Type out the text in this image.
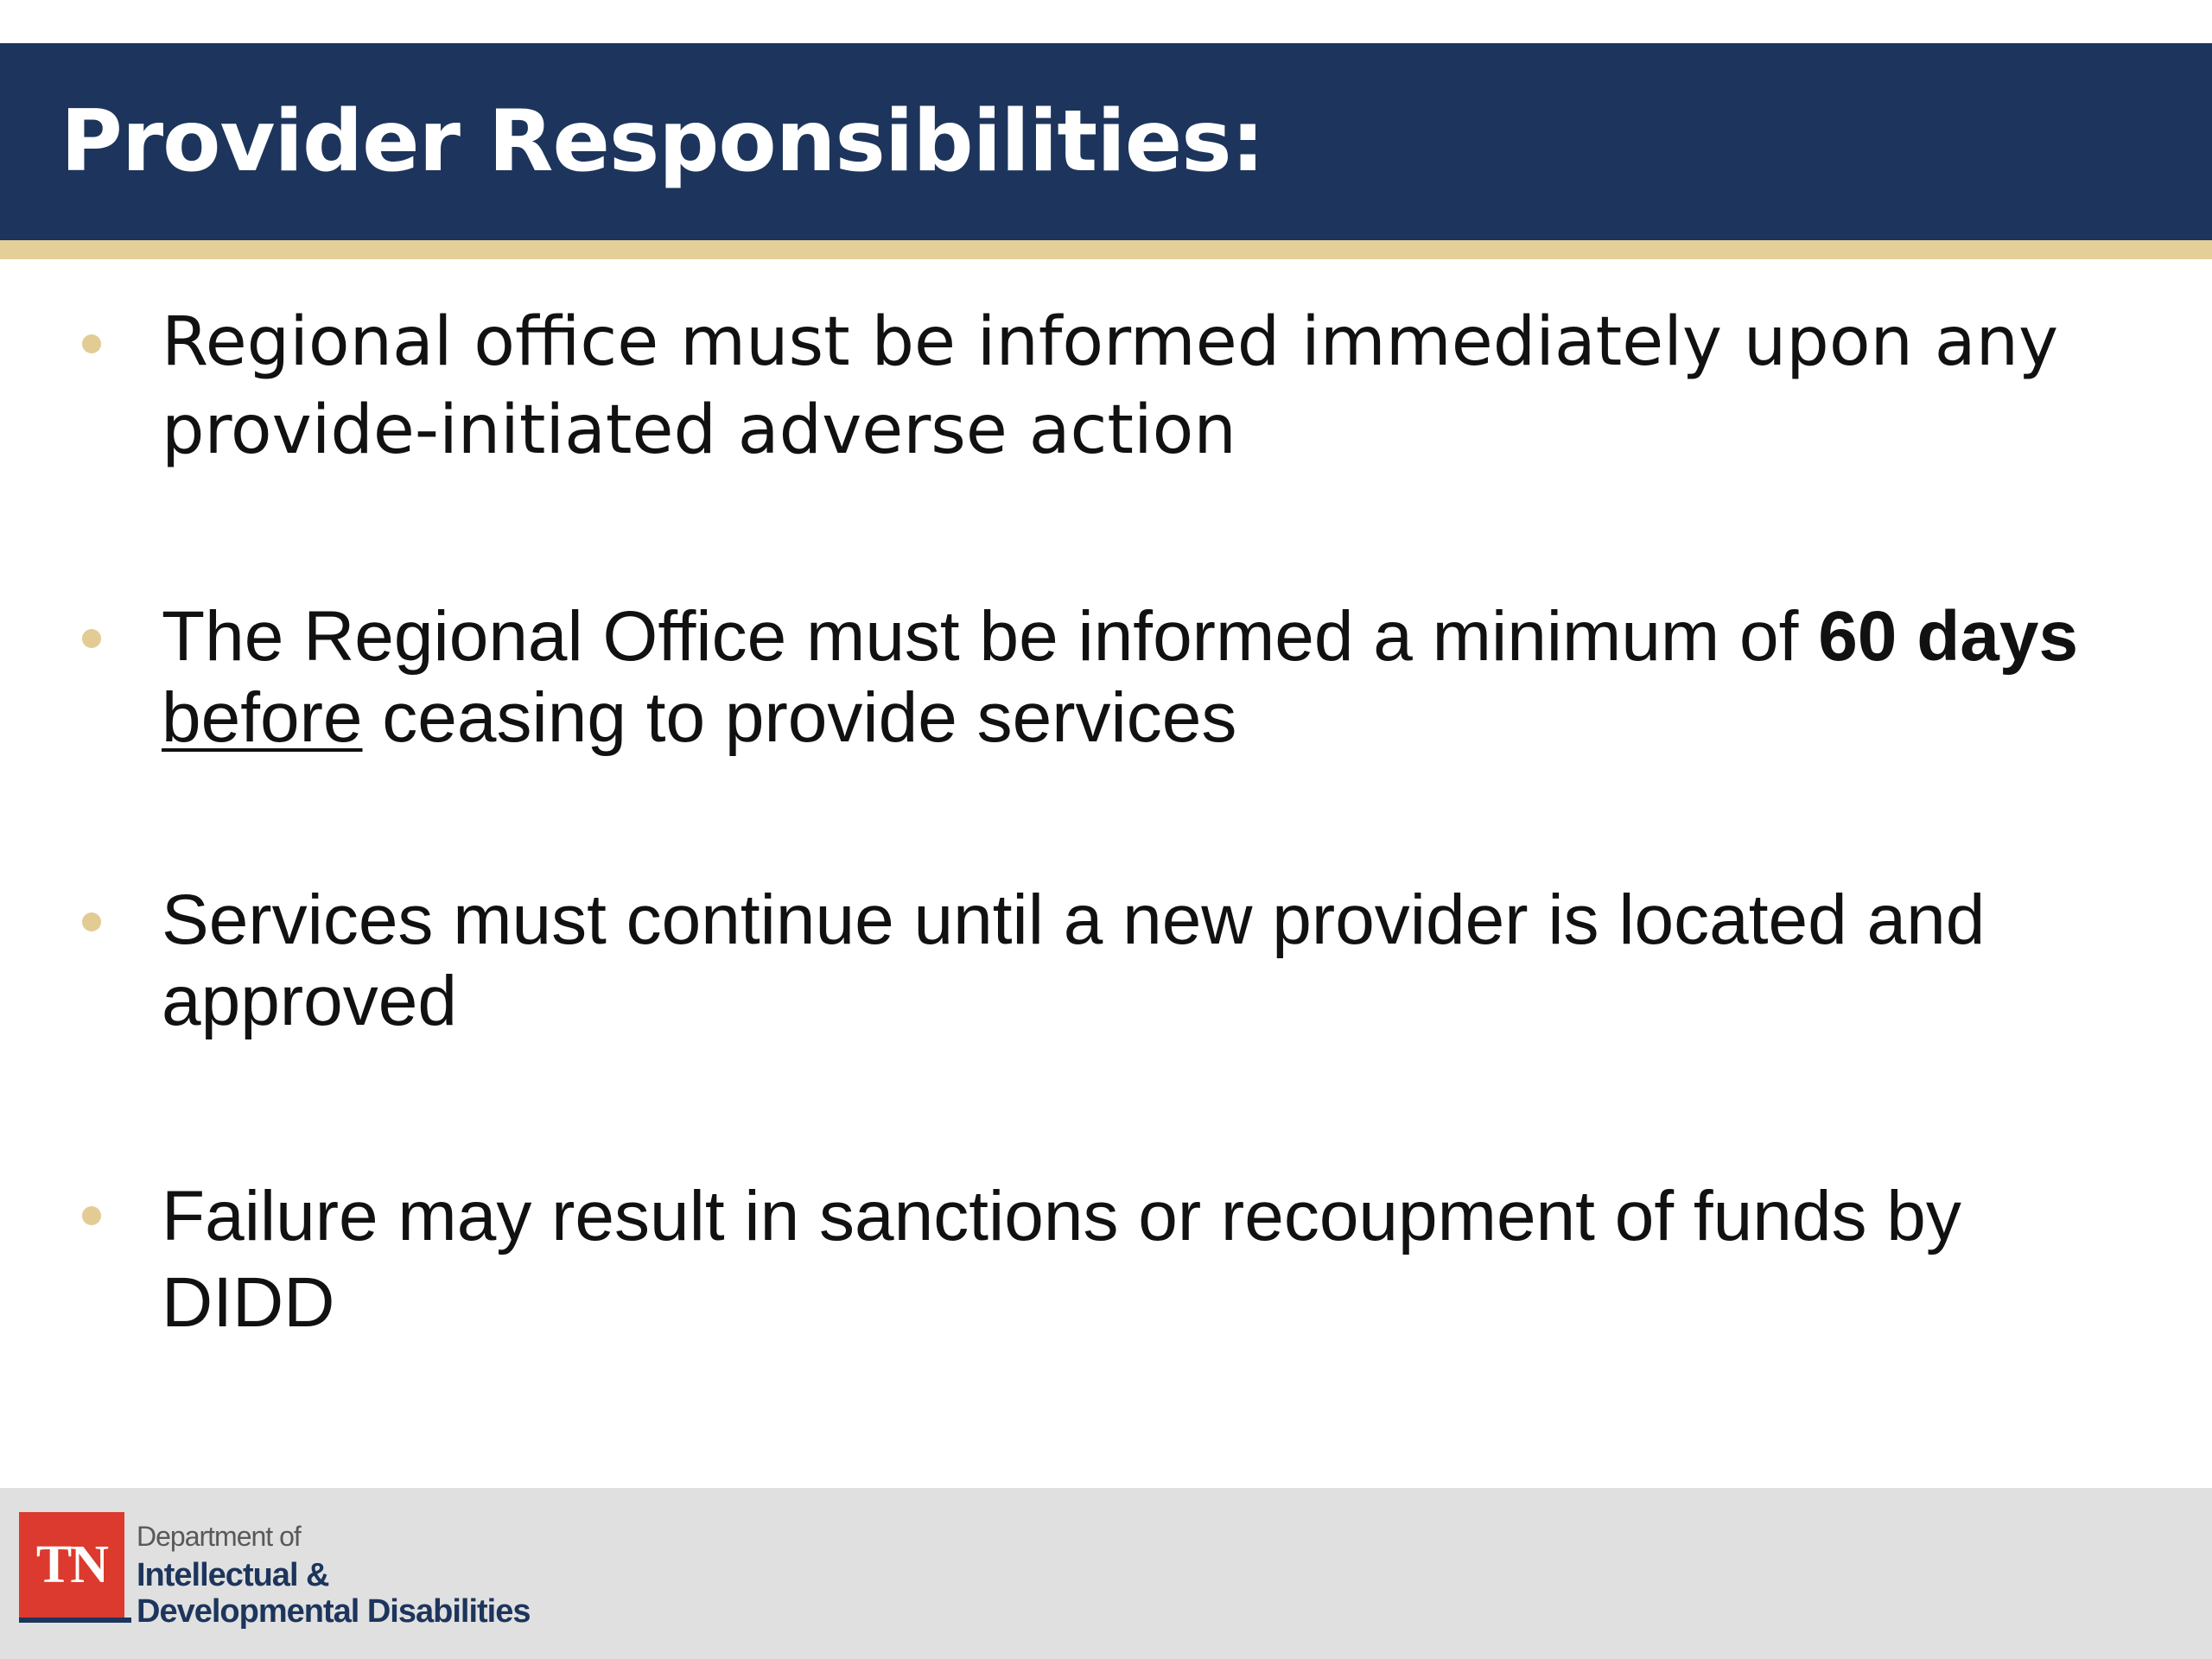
Provider Responsibilities:

Regional office must be informed immediately upon any provide-initiated adverse action

The Regional Office must be informed a minimum of 60 days before ceasing to provide services

Services must continue until a new provider is located and approved

Failure may result in sanctions or recoupment of funds by DIDD

TN	Department of
Intellectual &
Developmental Disabilities
